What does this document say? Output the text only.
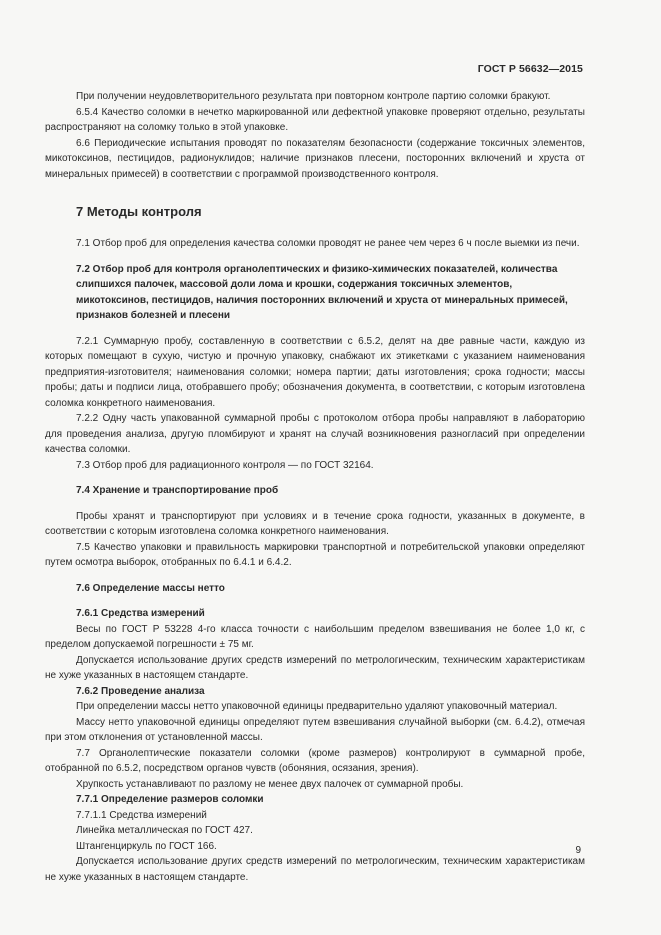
ГОСТ Р 56632—2015

При получении неудовлетворительного результата при повторном контроле партию соломки бракуют.

6.5.4 Качество соломки в нечетко маркированной или дефектной упаковке проверяют отдельно, результаты распространяют на соломку только в этой упаковке.

6.6 Периодические испытания проводят по показателям безопасности (содержание токсичных элементов, микотоксинов, пестицидов, радионуклидов; наличие признаков плесени, посторонних включений и хруста от минеральных примесей) в соответствии с программой производственного контроля.

7 Методы контроля

7.1 Отбор проб для определения качества соломки проводят не ранее чем через 6 ч после выемки из печи.

7.2 Отбор проб для контроля органолептических и физико-химических показателей, количества слипшихся палочек, массовой доли лома и крошки, содержания токсичных элементов, микотоксинов, пестицидов, наличия посторонних включений и хруста от минеральных примесей, признаков болезней и плесени

7.2.1 Суммарную пробу, составленную в соответствии с 6.5.2, делят на две равные части, каждую из которых помещают в сухую, чистую и прочную упаковку, снабжают их этикетками с указанием наименования предприятия-изготовителя; наименования соломки; номера партии; даты изготовления; срока годности; массы пробы; даты и подписи лица, отобравшего пробу; обозначения документа, в соответствии, с которым изготовлена соломка конкретного наименования.

7.2.2 Одну часть упакованной суммарной пробы с протоколом отбора пробы направляют в лабораторию для проведения анализа, другую пломбируют и хранят на случай возникновения разногласий при определении качества соломки.

7.3 Отбор проб для радиационного контроля — по ГОСТ 32164.

7.4 Хранение и транспортирование проб

Пробы хранят и транспортируют при условиях и в течение срока годности, указанных в документе, в соответствии с которым изготовлена соломка конкретного наименования.

7.5 Качество упаковки и правильность маркировки транспортной и потребительской упаковки определяют путем осмотра выборок, отобранных по 6.4.1 и 6.4.2.

7.6 Определение массы нетто

7.6.1 Средства измерений

Весы по ГОСТ Р 53228 4-го класса точности с наибольшим пределом взвешивания не более 1,0 кг, с пределом допускаемой погрешности ± 75 мг.

Допускается использование других средств измерений по метрологическим, техническим характеристикам не хуже указанных в настоящем стандарте.

7.6.2 Проведение анализа

При определении массы нетто упаковочной единицы предварительно удаляют упаковочный материал.

Массу нетто упаковочной единицы определяют путем взвешивания случайной выборки (см. 6.4.2), отмечая при этом отклонения от установленной массы.

7.7 Органолептические показатели соломки (кроме размеров) контролируют в суммарной пробе, отобранной по 6.5.2, посредством органов чувств (обоняния, осязания, зрения).

Хрупкость устанавливают по разлому не менее двух палочек от суммарной пробы.

7.7.1 Определение размеров соломки

7.7.1.1 Средства измерений

Линейка металлическая по ГОСТ 427.

Штангенциркуль по ГОСТ 166.

Допускается использование других средств измерений по метрологическим, техническим характеристикам не хуже указанных в настоящем стандарте.

9
